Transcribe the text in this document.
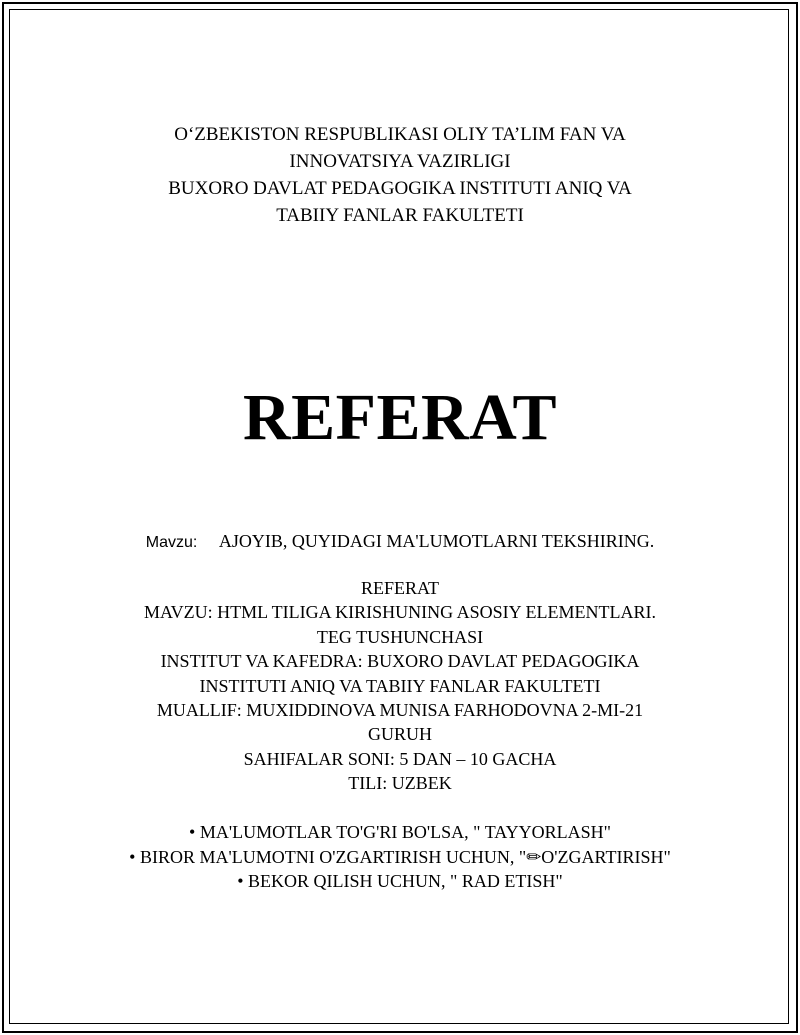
O‘ZBEKISTON RESPUBLIKASI OLIY TA’LIM FAN VA
INNOVATSIYA VAZIRLIGI
BUXORO DAVLAT PEDAGOGIKA INSTITUTI ANIQ VA
TABIIY FANLAR FAKULTETI
REFERAT
Mavzu: AJOYIB, QUYIDAGI MA'LUMOTLARNI TEKSHIRING.
REFERAT
MAVZU: HTML TILIGA KIRISHUNING ASOSIY ELEMENTLARI.
TEG TUSHUNCHASI
INSTITUT VA KAFEDRA: BUXORO DAVLAT PEDAGOGIKA
INSTITUTI ANIQ VA TABIIY FANLAR FAKULTETI
MUALLIF: MUXIDDINOVA MUNISA FARHODOVNA 2-MI-21
GURUH
SAHIFALAR SONI: 5 DAN – 10 GACHA
TILI: UZBEK
• MA'LUMOTLAR TO'G'RI BO'LSA, " TAYYORLASH"
• BIROR MA'LUMOTNI O'ZGARTIRISH UCHUN, "✏O'ZGARTIRISH"
• BEKOR QILISH UCHUN, " RAD ETISH"
